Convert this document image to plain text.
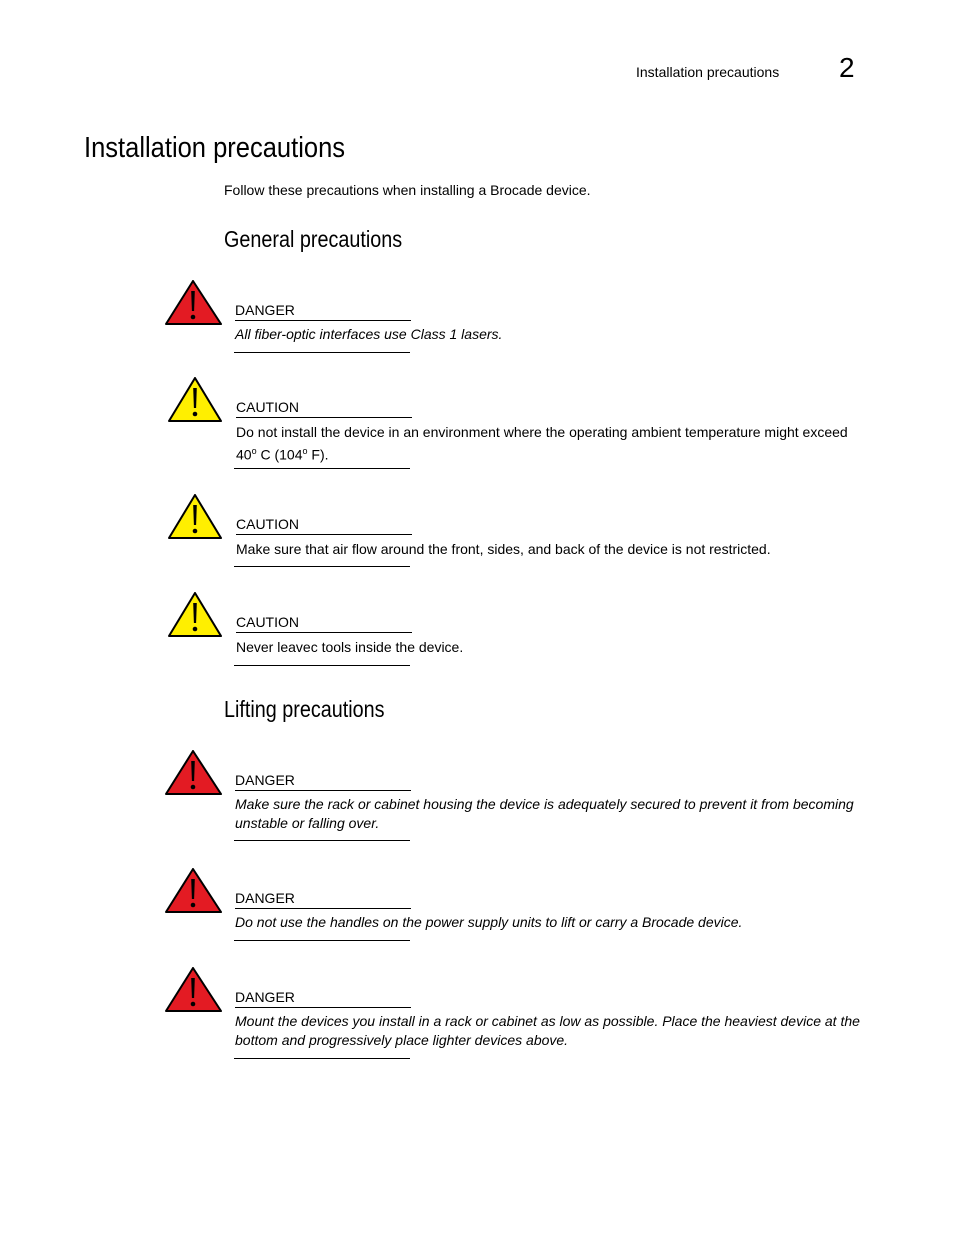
Installation precautions 2
Installation precautions

Follow these precautions when installing a Brocade device.

General precautions
DANGER
All fiber-optic interfaces use Class 1 lasers.
CAUTION
Do not install the device in an environment where the operating ambient temperature might exceed 40$^o$ C (104$^o$ F).
CAUTION
Make sure that air flow around the front, sides, and back of the device is not restricted.
CAUTION
Never leavec tools inside the device.
Lifting precautions
DANGER
Make sure the rack or cabinet housing the device is adequately secured to prevent it from becoming unstable or falling over.
DANGER
Do not use the handles on the power supply units to lift or carry a Brocade device.
DANGER
Mount the devices you install in a rack or cabinet as low as possible. Place the heaviest device at the bottom and progressively place lighter devices above.
